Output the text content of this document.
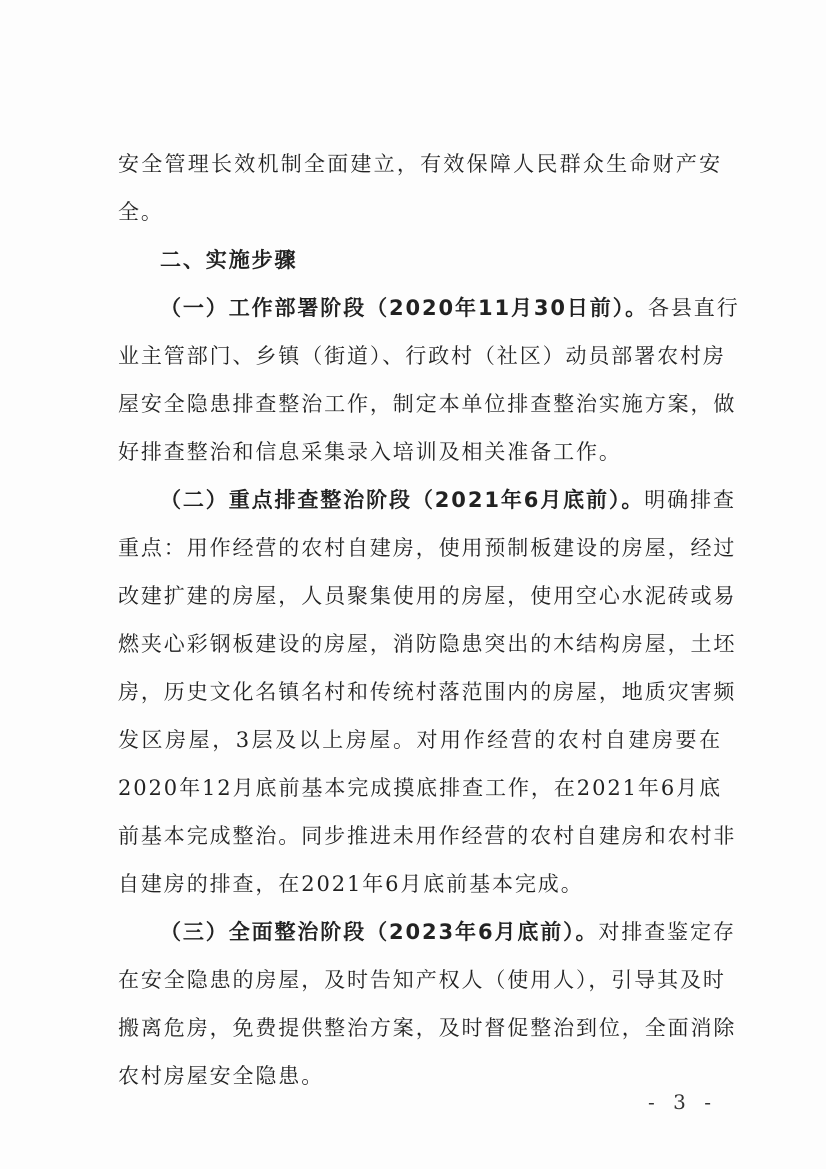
安全管理长效机制全面建立，有效保障人民群众生命财产安
全。
二、实施步骤
（一）工作部署阶段（2020年11月30日前）。各县直行
业主管部门、乡镇（街道）、行政村（社区）动员部署农村房
屋安全隐患排查整治工作，制定本单位排查整治实施方案，做
好排查整治和信息采集录入培训及相关准备工作。
（二）重点排查整治阶段（2021年6月底前）。明确排查
重点：用作经营的农村自建房，使用预制板建设的房屋，经过
改建扩建的房屋，人员聚集使用的房屋，使用空心水泥砖或易
燃夹心彩钢板建设的房屋，消防隐患突出的木结构房屋，土坯
房，历史文化名镇名村和传统村落范围内的房屋，地质灾害频
发区房屋，3层及以上房屋。对用作经营的农村自建房要在
2020年12月底前基本完成摸底排查工作，在2021年6月底
前基本完成整治。同步推进未用作经营的农村自建房和农村非
自建房的排查，在2021年6月底前基本完成。
（三）全面整治阶段（2023年6月底前）。对排查鉴定存
在安全隐患的房屋，及时告知产权人（使用人），引导其及时
搬离危房，免费提供整治方案，及时督促整治到位，全面消除
农村房屋安全隐患。
- 3 -
